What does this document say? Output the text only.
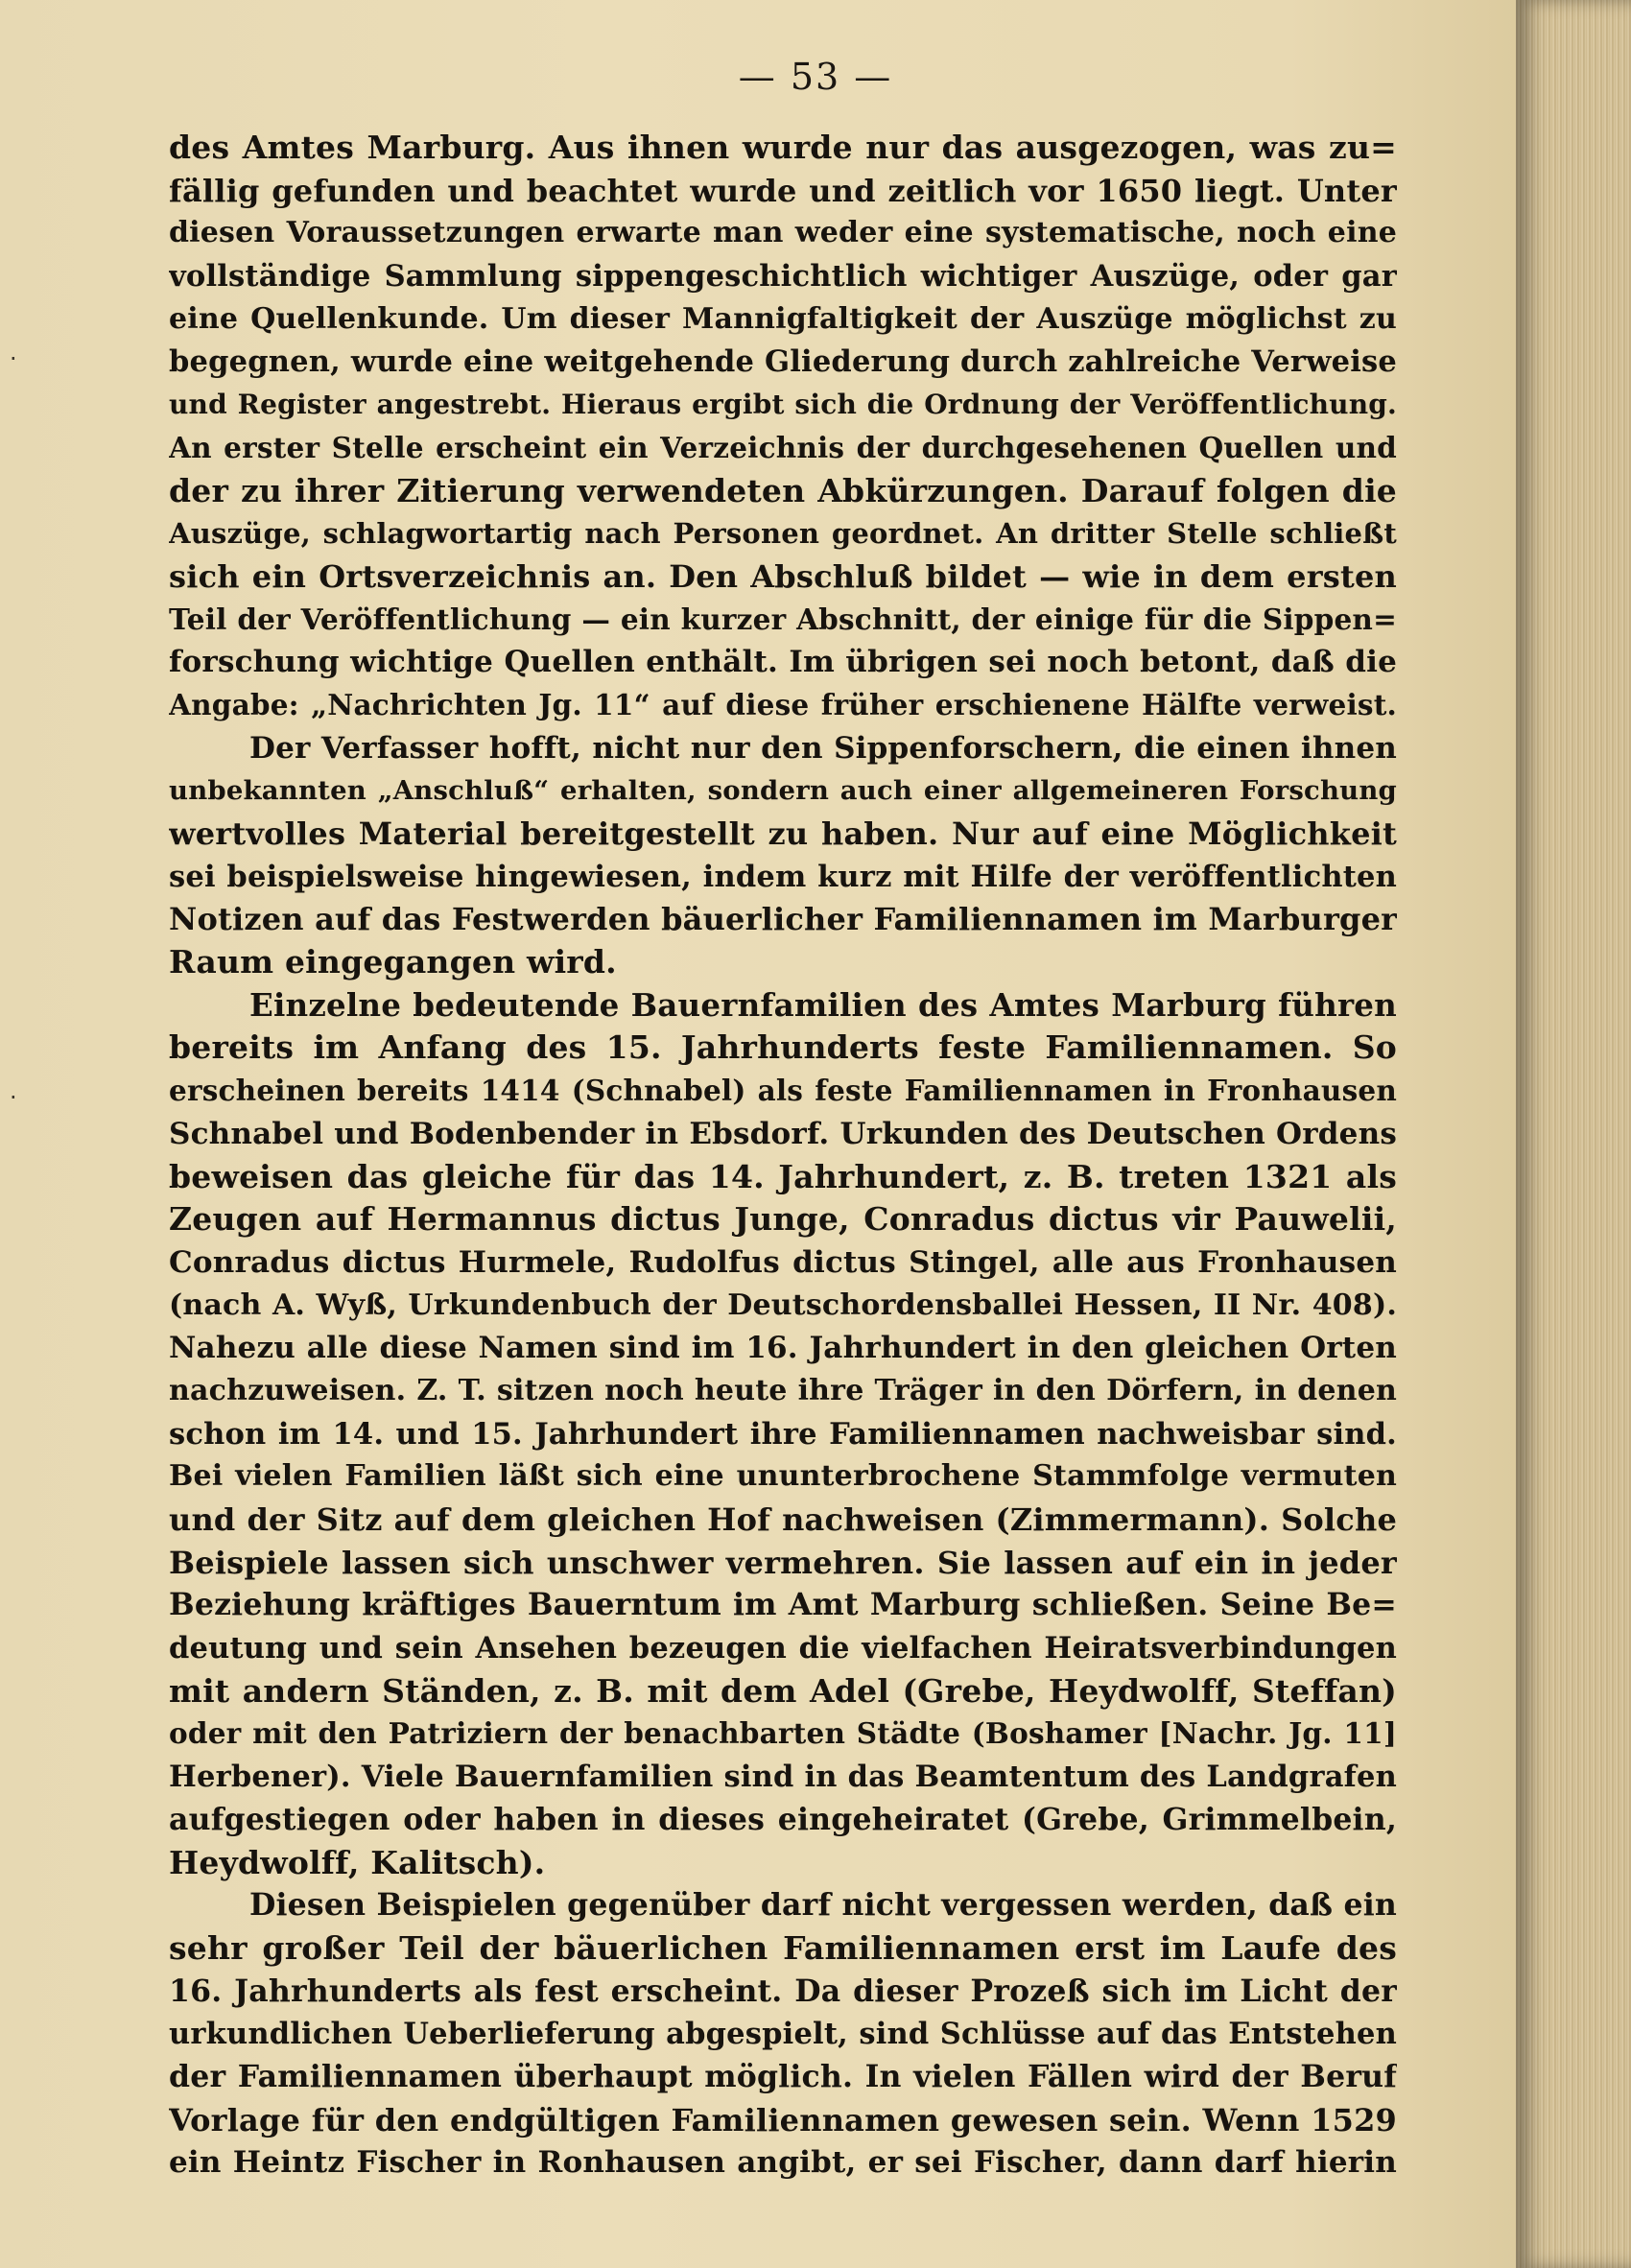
— 53 —
·
·
des Amtes Marburg. Aus ihnen wurde nur das ausgezogen, was zu=
fällig gefunden und beachtet wurde und zeitlich vor 1650 liegt. Unter
diesen Voraussetzungen erwarte man weder eine systematische, noch eine
vollständige Sammlung sippengeschichtlich wichtiger Auszüge, oder gar
eine Quellenkunde. Um dieser Mannigfaltigkeit der Auszüge möglichst zu
begegnen, wurde eine weitgehende Gliederung durch zahlreiche Verweise
und Register angestrebt. Hieraus ergibt sich die Ordnung der Veröffentlichung.
An erster Stelle erscheint ein Verzeichnis der durchgesehenen Quellen und
der zu ihrer Zitierung verwendeten Abkürzungen. Darauf folgen die
Auszüge, schlagwortartig nach Personen geordnet. An dritter Stelle schließt
sich ein Ortsverzeichnis an. Den Abschluß bildet — wie in dem ersten
Teil der Veröffentlichung — ein kurzer Abschnitt, der einige für die Sippen=
forschung wichtige Quellen enthält. Im übrigen sei noch betont, daß die
Angabe: „Nachrichten Jg. 11“ auf diese früher erschienene Hälfte verweist.
Der Verfasser hofft, nicht nur den Sippenforschern, die einen ihnen
unbekannten „Anschluß“ erhalten, sondern auch einer allgemeineren Forschung
wertvolles Material bereitgestellt zu haben. Nur auf eine Möglichkeit
sei beispielsweise hingewiesen, indem kurz mit Hilfe der veröffentlichten
Notizen auf das Festwerden bäuerlicher Familiennamen im Marburger
Raum eingegangen wird.
Einzelne bedeutende Bauernfamilien des Amtes Marburg führen
bereits im Anfang des 15. Jahrhunderts feste Familiennamen. So
erscheinen bereits 1414 (Schnabel) als feste Familiennamen in Fronhausen
Schnabel und Bodenbender in Ebsdorf. Urkunden des Deutschen Ordens
beweisen das gleiche für das 14. Jahrhundert, z. B. treten 1321 als
Zeugen auf Hermannus dictus Junge, Conradus dictus vir Pauwelii,
Conradus dictus Hurmele, Rudolfus dictus Stingel, alle aus Fronhausen
(nach A. Wyß, Urkundenbuch der Deutschordensballei Hessen, II Nr. 408).
Nahezu alle diese Namen sind im 16. Jahrhundert in den gleichen Orten
nachzuweisen. Z. T. sitzen noch heute ihre Träger in den Dörfern, in denen
schon im 14. und 15. Jahrhundert ihre Familiennamen nachweisbar sind.
Bei vielen Familien läßt sich eine ununterbrochene Stammfolge vermuten
und der Sitz auf dem gleichen Hof nachweisen (Zimmermann). Solche
Beispiele lassen sich unschwer vermehren. Sie lassen auf ein in jeder
Beziehung kräftiges Bauerntum im Amt Marburg schließen. Seine Be=
deutung und sein Ansehen bezeugen die vielfachen Heiratsverbindungen
mit andern Ständen, z. B. mit dem Adel (Grebe, Heydwolff, Steffan)
oder mit den Patriziern der benachbarten Städte (Boshamer [Nachr. Jg. 11]
Herbener). Viele Bauernfamilien sind in das Beamtentum des Landgrafen
aufgestiegen oder haben in dieses eingeheiratet (Grebe, Grimmelbein,
Heydwolff, Kalitsch).
Diesen Beispielen gegenüber darf nicht vergessen werden, daß ein
sehr großer Teil der bäuerlichen Familiennamen erst im Laufe des
16. Jahrhunderts als fest erscheint. Da dieser Prozeß sich im Licht der
urkundlichen Ueberlieferung abgespielt, sind Schlüsse auf das Entstehen
der Familiennamen überhaupt möglich. In vielen Fällen wird der Beruf
Vorlage für den endgültigen Familiennamen gewesen sein. Wenn 1529
ein Heintz Fischer in Ronhausen angibt, er sei Fischer, dann darf hierin
